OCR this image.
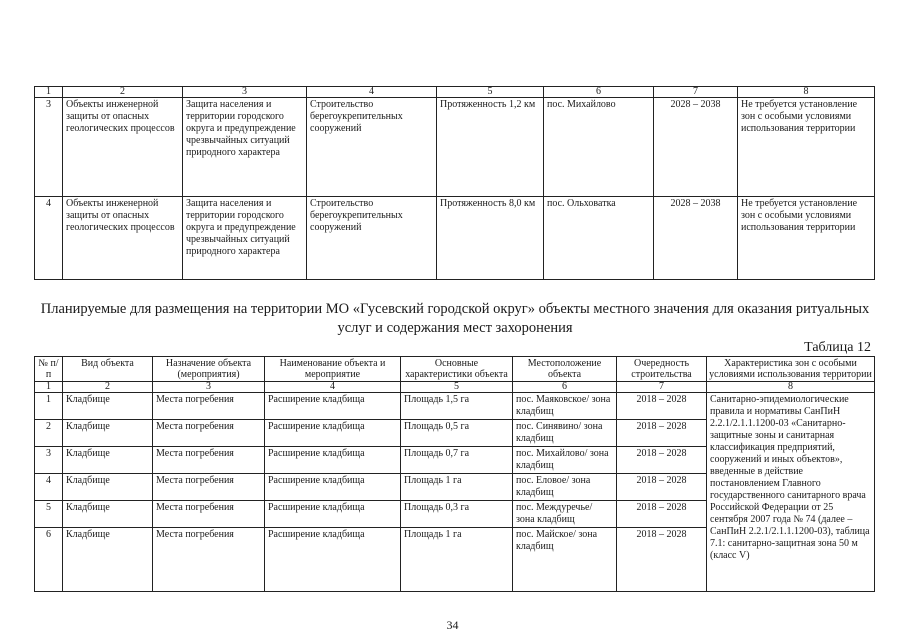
1	2	3	4	5	6	7	8
3	Объекты инженерной защиты от опасных геологических процессов	Защита населения и территории городского округа и предупреждение чрезвычайных ситуаций природного характера	Строительство берегоукрепительных сооружений	Протяженность 1,2 км	пос. Михайлово	2028 – 2038	Не требуется установление зон с особыми условиями использования территории
4	Объекты инженерной защиты от опасных геологических процессов	Защита населения и территории городского округа и предупреждение чрезвычайных ситуаций природного характера	Строительство берегоукрепительных сооружений	Протяженность 8,0 км	пос. Ольховатка	2028 – 2038	Не требуется установление зон с особыми условиями использования территории
Планируемые для размещения на территории МО «Гусевский городской округ» объекты местного значения для оказания ритуальных услуг и содержания мест захоронения
Таблица 12
№ п/п	Вид объекта	Назначение объекта (мероприятия)	Наименование объекта и мероприятие	Основные характеристики объекта	Местоположение объекта	Очередность строительства	Характеристика зон с особыми условиями использования территории
1	2	3	4	5	6	7	8
1	Кладбище	Места погребения	Расширение кладбища	Площадь 1,5 га	пос. Маяковское/ зона кладбищ	2018 – 2028	Санитарно-эпидемиологические правила и нормативы СанПиН 2.2.1/2.1.1.1200-03 «Санитарно-защитные зоны и санитарная классификация предприятий, сооружений и иных объектов», введенные в действие постановлением Главного государственного санитарного врача Российской Федерации от 25 сентября 2007 года № 74 (далее – СанПиН 2.2.1/2.1.1.1200-03), таблица 7.1: санитарно-защитная зона 50 м (класс V)
2	Кладбище	Места погребения	Расширение кладбища	Площадь 0,5 га	пос. Синявино/ зона кладбищ	2018 – 2028	
3	Кладбище	Места погребения	Расширение кладбища	Площадь 0,7 га	пос. Михайлово/ зона кладбищ	2018 – 2028	
4	Кладбище	Места погребения	Расширение кладбища	Площадь 1 га	пос. Еловое/ зона кладбищ	2018 – 2028	
5	Кладбище	Места погребения	Расширение кладбища	Площадь 0,3 га	пос. Междуречье/ зона кладбищ	2018 – 2028	
6	Кладбище	Места погребения	Расширение кладбища	Площадь 1 га	пос. Майское/ зона кладбищ	2018 – 2028	
34
